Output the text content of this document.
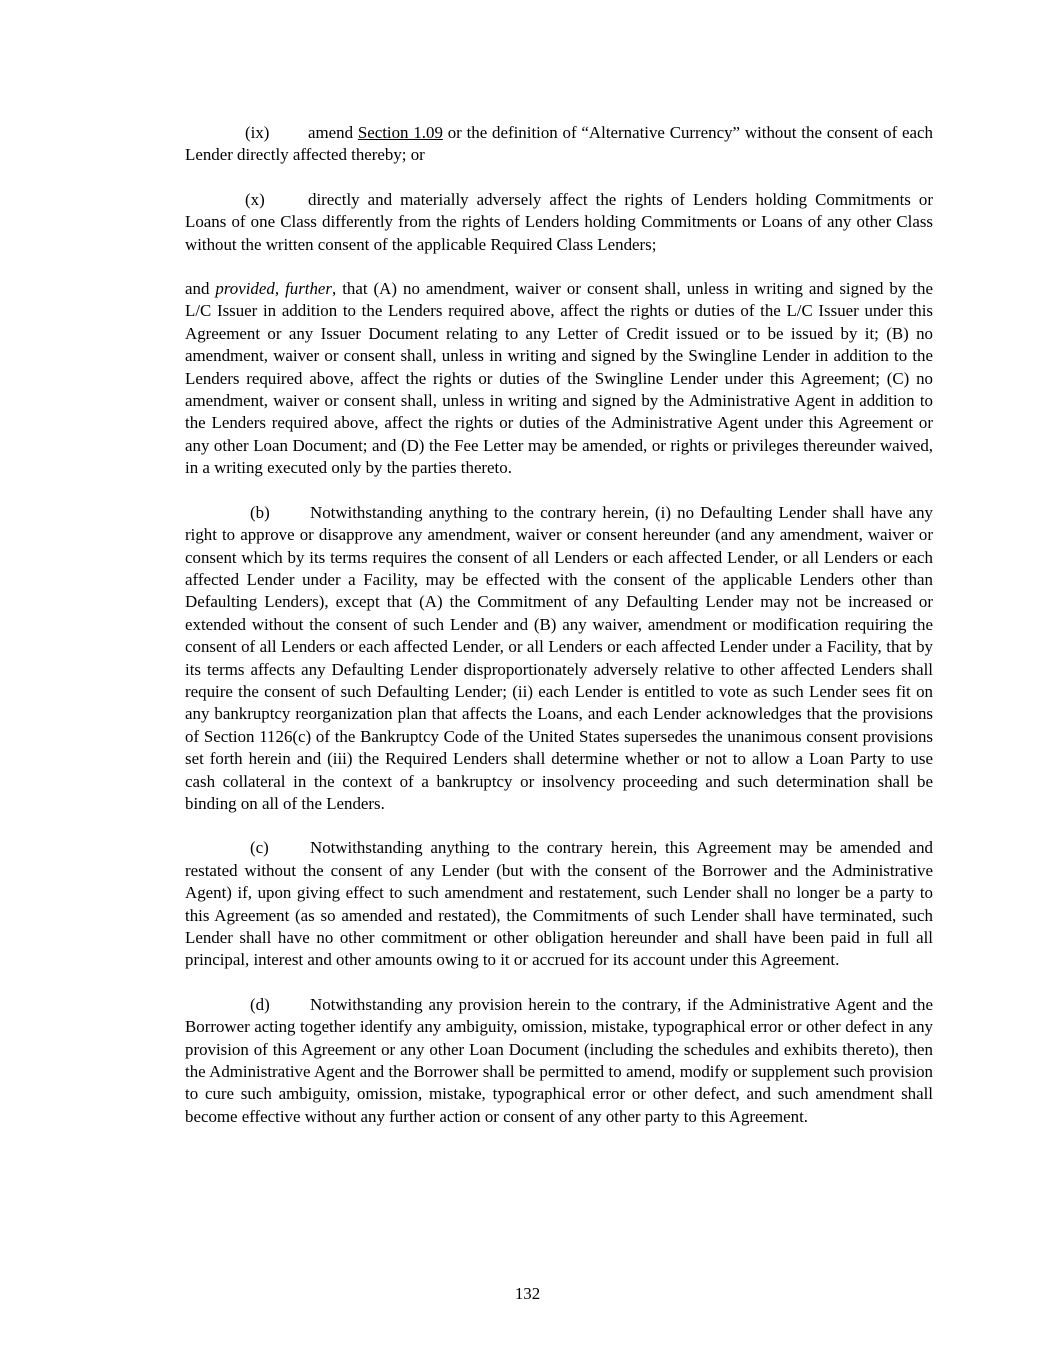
(ix) amend Section 1.09 or the definition of “Alternative Currency” without the consent of each Lender directly affected thereby; or

(x)	directly and materially adversely affect the rights of Lenders holding Commitments or Loans of one Class differently from the rights of Lenders holding Commitments or Loans of any other Class without the written consent of the applicable Required Class Lenders;

and provided, further, that (A) no amendment, waiver or consent shall, unless in writing and signed by the L/C Issuer in addition to the Lenders required above, affect the rights or duties of the L/C Issuer under this Agreement or any Issuer Document relating to any Letter of Credit issued or to be issued by it; (B) no amendment, waiver or consent shall, unless in writing and signed by the Swingline Lender in addition to the Lenders required above, affect the rights or duties of the Swingline Lender under this Agreement; (C) no amendment, waiver or consent shall, unless in writing and signed by the Administrative Agent in addition to the Lenders required above, affect the rights or duties of the Administrative Agent under this Agreement or any other Loan Document; and (D) the Fee Letter may be amended, or rights or privileges thereunder waived, in a writing executed only by the parties thereto.

(b) Notwithstanding anything to the contrary herein, (i) no Defaulting Lender shall have any right to approve or disapprove any amendment, waiver or consent hereunder (and any amendment, waiver or consent which by its terms requires the consent of all Lenders or each affected Lender, or all Lenders or each affected Lender under a Facility, may be effected with the consent of the applicable Lenders other than Defaulting Lenders), except that (A) the Commitment of any Defaulting Lender may not be increased or extended without the consent of such Lender and (B) any waiver, amendment or modification requiring the consent of all Lenders or each affected Lender, or all Lenders or each affected Lender under a Facility, that by its terms affects any Defaulting Lender disproportionately adversely relative to other affected Lenders shall require the consent of such Defaulting Lender; (ii) each Lender is entitled to vote as such Lender sees fit on any bankruptcy reorganization plan that affects the Loans, and each Lender acknowledges that the provisions of Section 1126(c) of the Bankruptcy Code of the United States supersedes the unanimous consent provisions set forth herein and (iii) the Required Lenders shall determine whether or not to allow a Loan Party to use cash collateral in the context of a bankruptcy or insolvency proceeding and such determination shall be binding on all of the Lenders.

(c) Notwithstanding anything to the contrary herein, this Agreement may be amended and restated without the consent of any Lender (but with the consent of the Borrower and the Administrative Agent) if, upon giving effect to such amendment and restatement, such Lender shall no longer be a party to this Agreement (as so amended and restated), the Commitments of such Lender shall have terminated, such Lender shall have no other commitment or other obligation hereunder and shall have been paid in full all principal, interest and other amounts owing to it or accrued for its account under this Agreement.

(d) Notwithstanding any provision herein to the contrary, if the Administrative Agent and the Borrower acting together identify any ambiguity, omission, mistake, typographical error or other defect in any provision of this Agreement or any other Loan Document (including the schedules and exhibits thereto), then the Administrative Agent and the Borrower shall be permitted to amend, modify or supplement such provision to cure such ambiguity, omission, mistake, typographical error or other defect, and such amendment shall become effective without any further action or consent of any other party to this Agreement.

132
